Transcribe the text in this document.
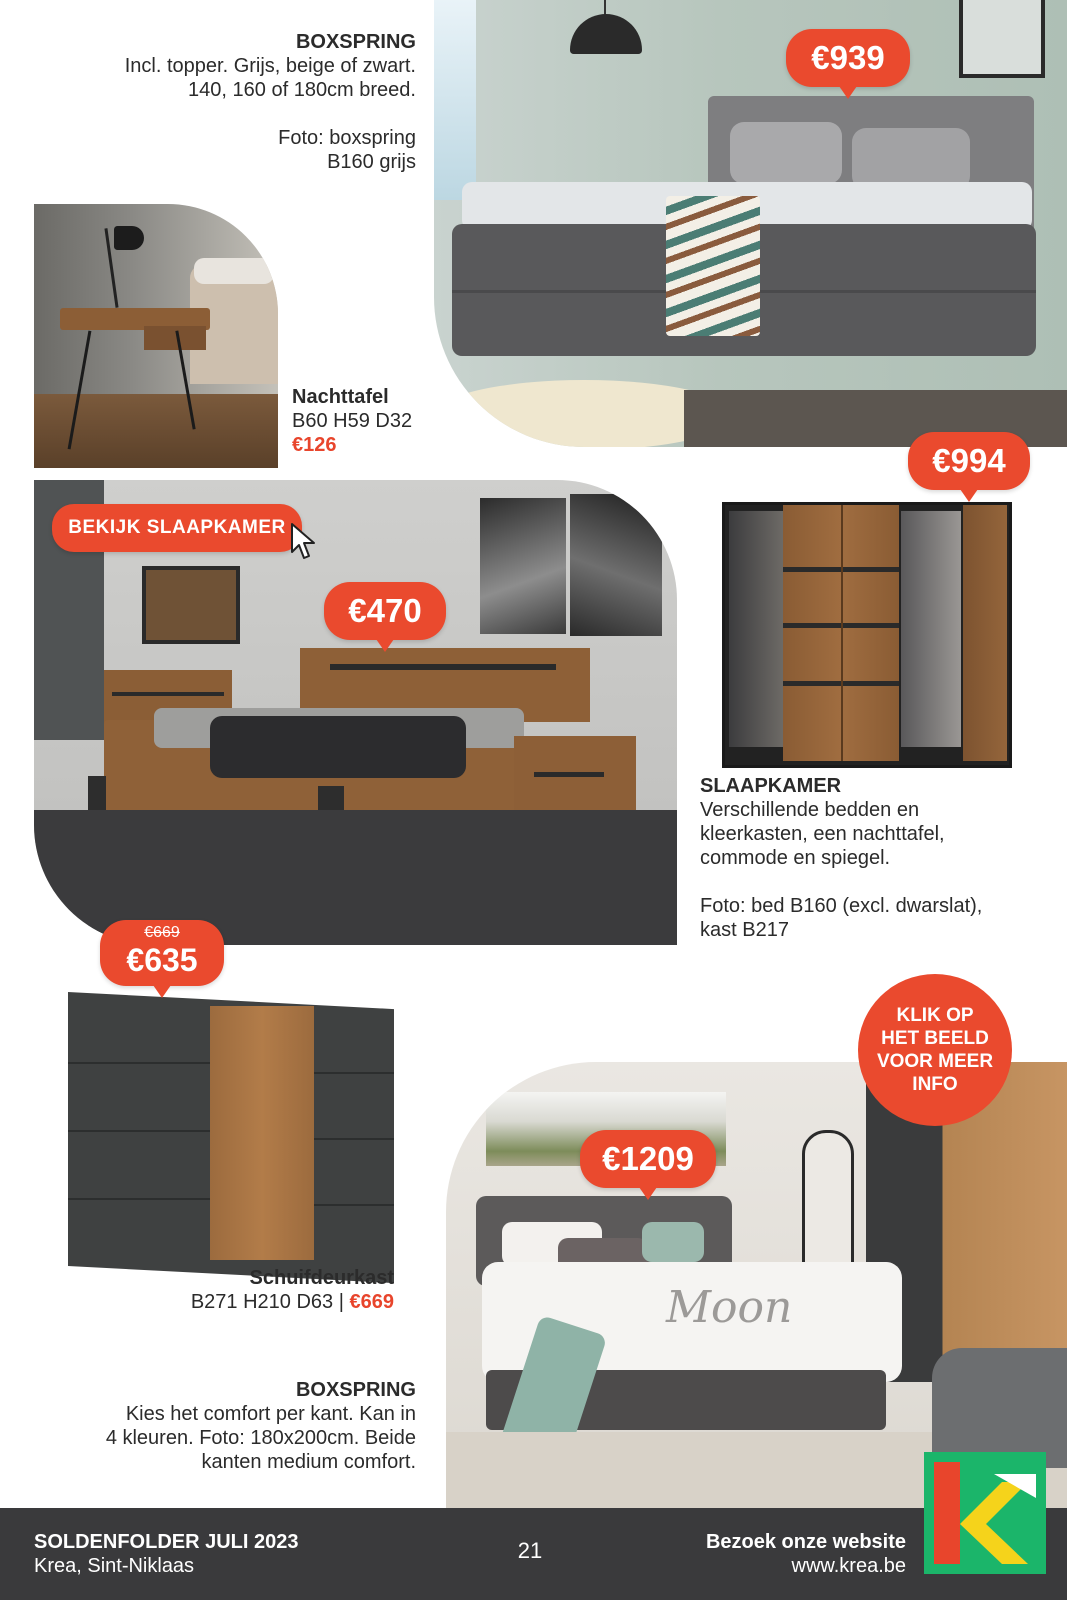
BOXSPRING
Incl. topper. Grijs, beige of zwart.
140, 160 of 180cm breed.
Foto: boxspring
B160 grijs
€939
Nachttafel
B60 H59 D32
€126
BEKIJK SLAAPKAMER
€470
€994
SLAAPKAMER
Verschillende bedden en
kleerkasten, een nachttafel,
commode en spiegel.
Foto: bed B160 (excl. dwarslat),
kast B217
€669
€635
Schuifdeurkast
B271 H210 D63 | €669	Moon
€1209
KLIK OP
HET BEELD
VOOR MEER
INFO
BOXSPRING
Kies het comfort per kant. Kan in
4 kleuren. Foto: 180x200cm. Beide
kanten medium comfort.
SOLDENFOLDER JULI 2023
Krea, Sint-Niklaas
21	Bezoek onze website
www.krea.be
